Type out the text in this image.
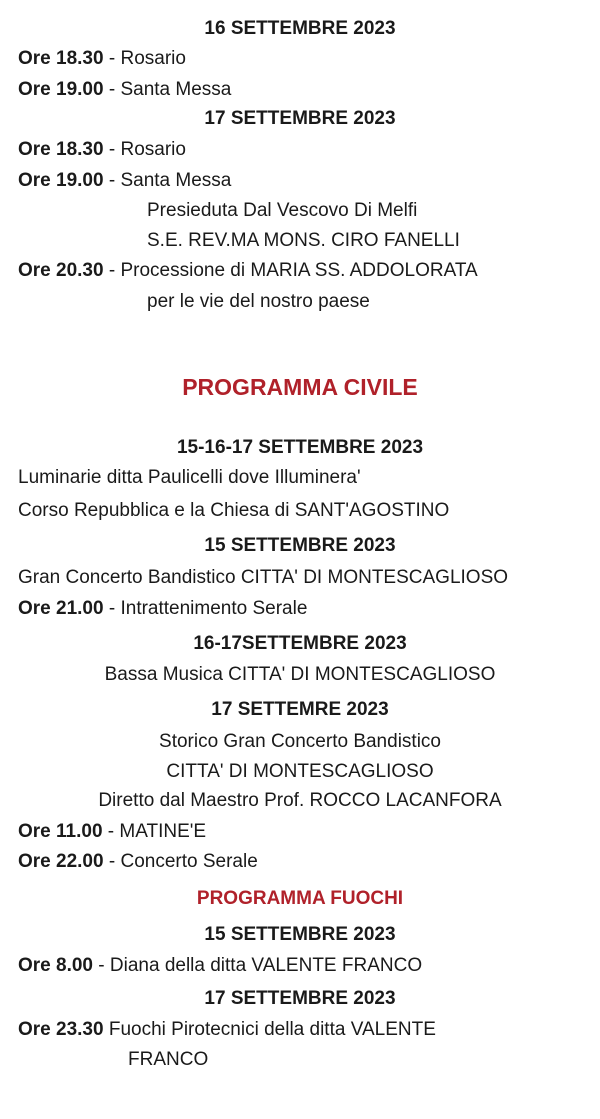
16 SETTEMBRE 2023
Ore 18.30 - Rosario
Ore 19.00 - Santa Messa
17 SETTEMBRE 2023
Ore 18.30 - Rosario
Ore 19.00 - Santa Messa
Presieduta Dal Vescovo Di Melfi
S.E. REV.MA MONS. CIRO FANELLI
Ore 20.30 - Processione di MARIA SS. ADDOLORATA
per le vie del nostro paese
PROGRAMMA CIVILE
15-16-17 SETTEMBRE 2023
Luminarie ditta Paulicelli dove Illuminera'
Corso Repubblica e la Chiesa di SANT'AGOSTINO
15 SETTEMBRE 2023
Gran Concerto Bandistico CITTA' DI MONTESCAGLIOSO
Ore 21.00 - Intrattenimento Serale
16-17SETTEMBRE 2023
Bassa Musica CITTA' DI MONTESCAGLIOSO
17 SETTEMRE 2023
Storico Gran Concerto Bandistico
CITTA' DI MONTESCAGLIOSO
Diretto dal Maestro Prof. ROCCO LACANFORA
Ore 11.00 - MATINE'E
Ore 22.00 - Concerto Serale
PROGRAMMA FUOCHI
15 SETTEMBRE 2023
Ore 8.00 - Diana della ditta VALENTE FRANCO
17 SETTEMBRE 2023
Ore 23.30 Fuochi Pirotecnici della ditta VALENTE
FRANCO
